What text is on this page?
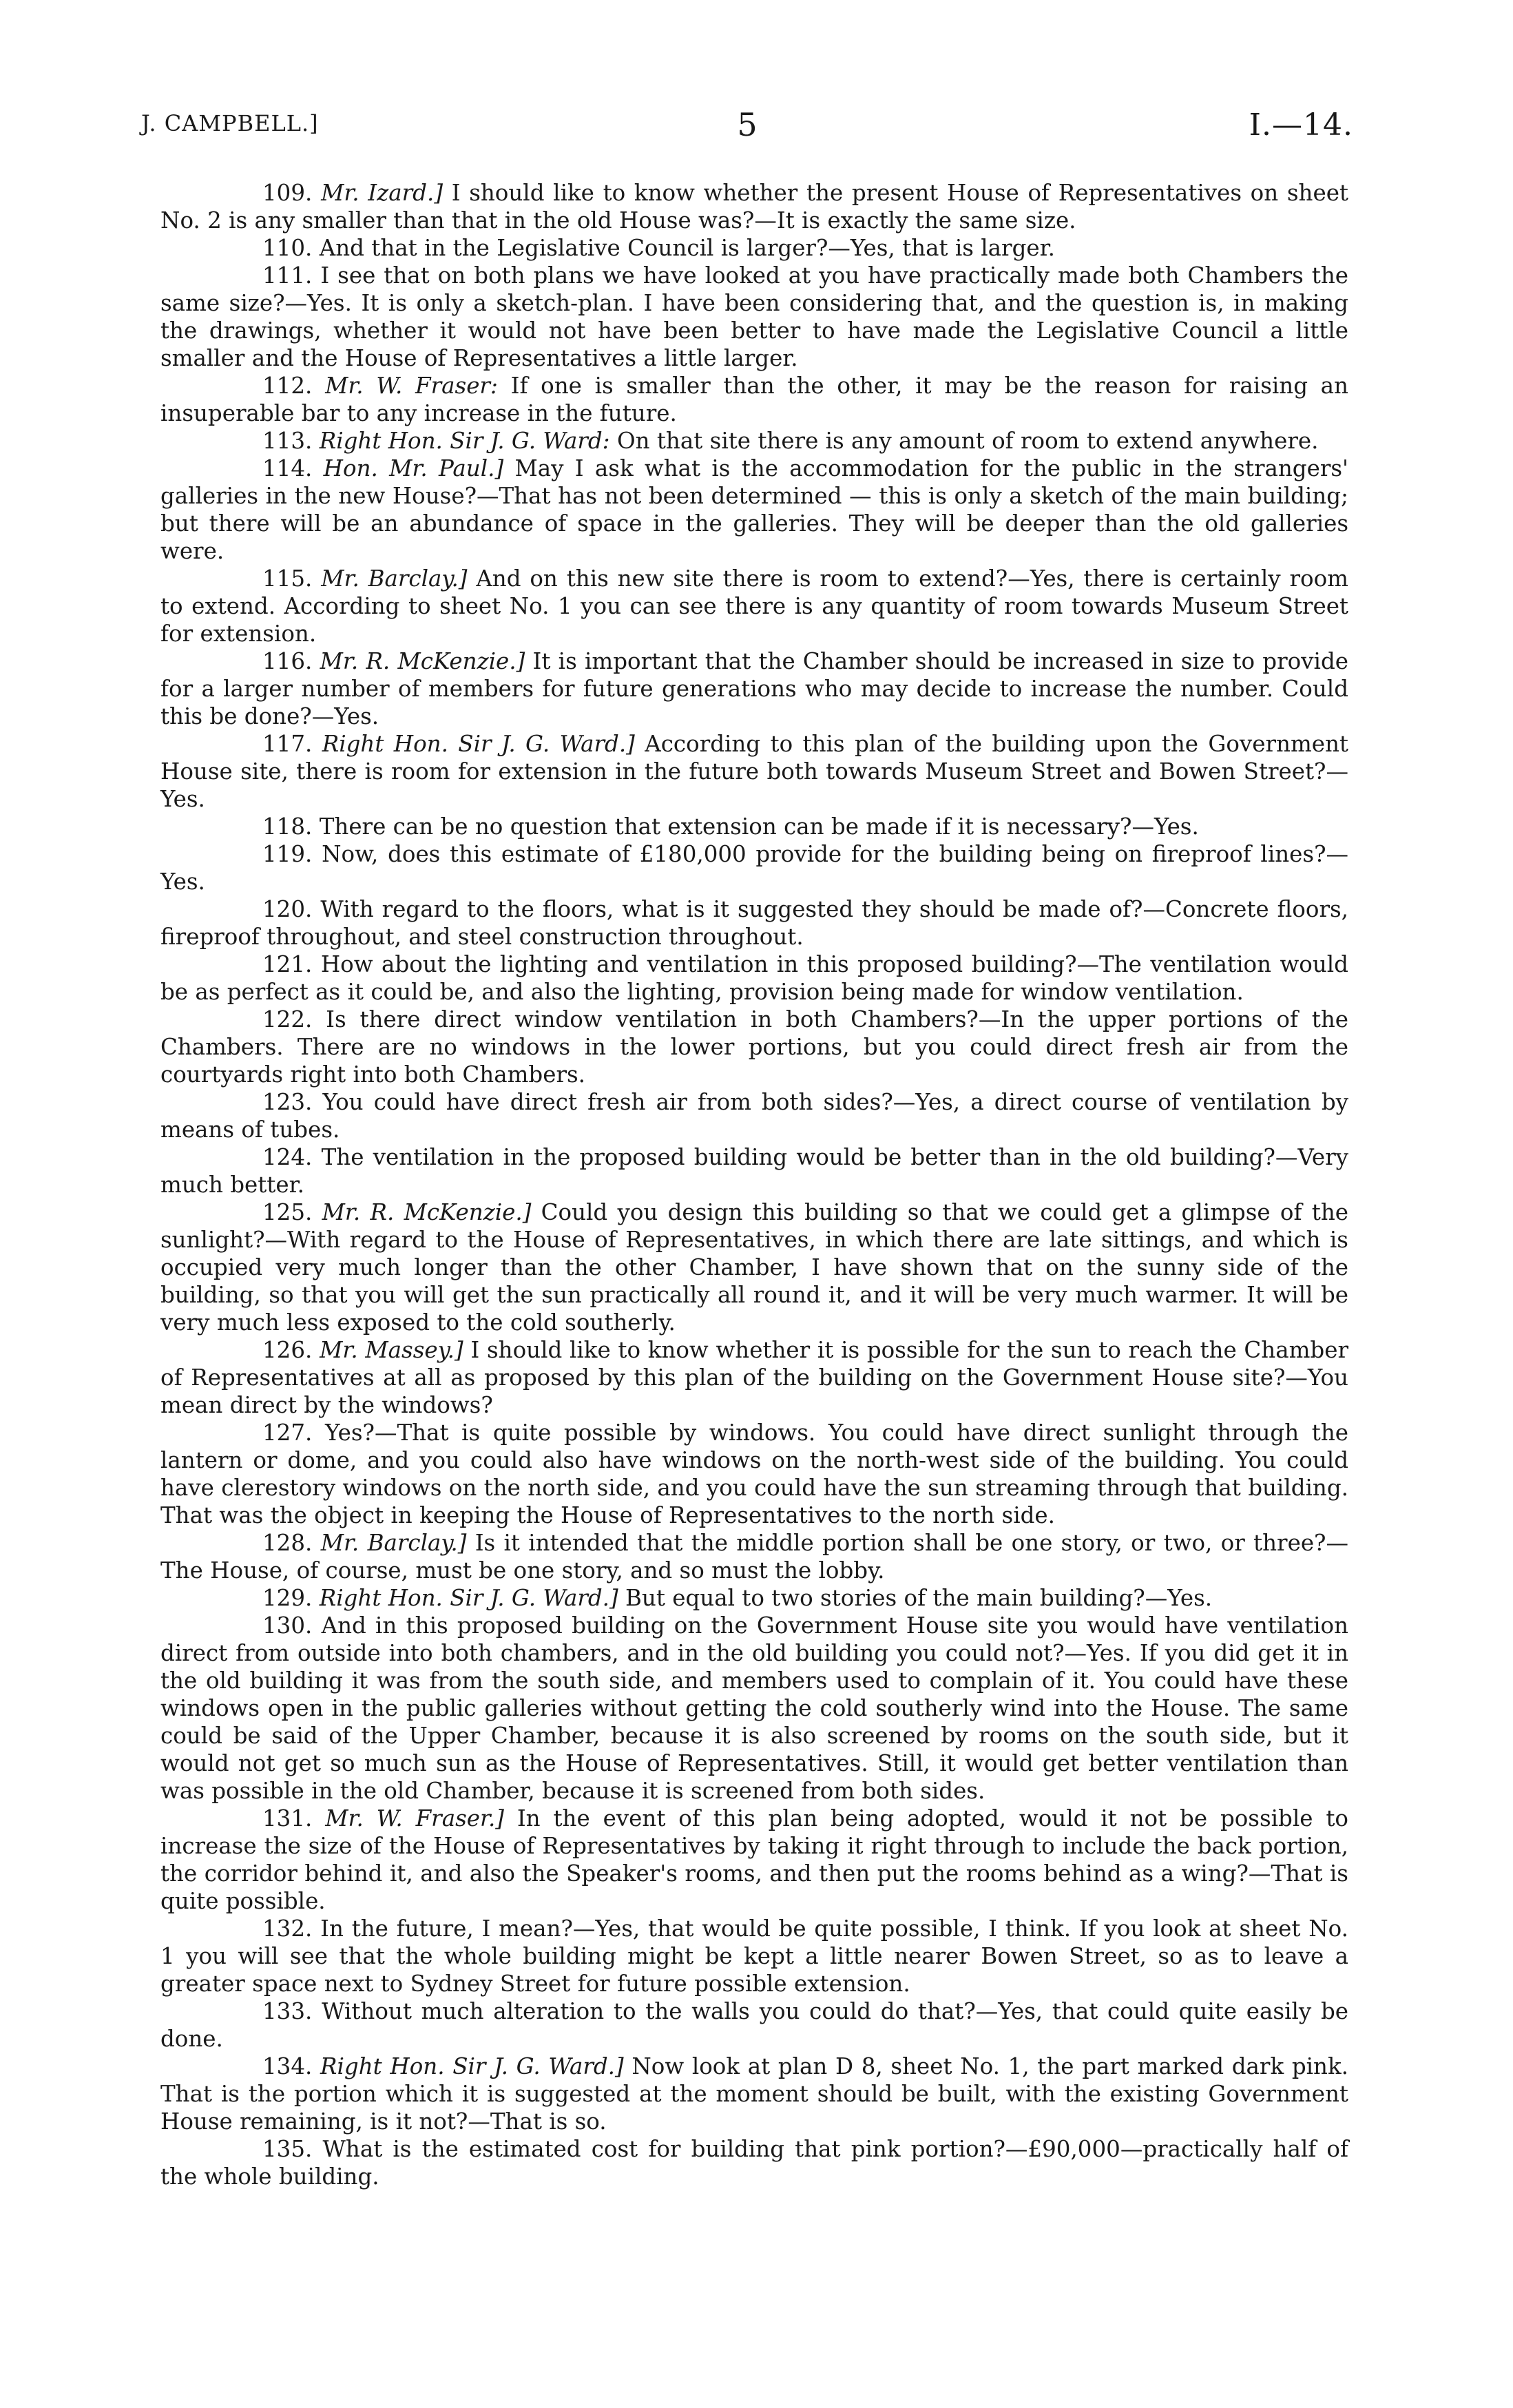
J. CAMPBELL.]	5	I.—14.

109. Mr. Izard.] I should like to know whether the present House of Representatives on sheet No. 2 is any smaller than that in the old House was?—It is exactly the same size.

110. And that in the Legislative Council is larger?—Yes, that is larger.

111. I see that on both plans we have looked at you have practically made both Chambers the same size?—Yes. It is only a sketch-plan. I have been considering that, and the question is, in making the drawings, whether it would not have been better to have made the Legislative Council a little smaller and the House of Representatives a little larger.

112. Mr. W. Fraser: If one is smaller than the other, it may be the reason for raising an insuperable bar to any increase in the future.

113. Right Hon. Sir J. G. Ward: On that site there is any amount of room to extend anywhere.

114. Hon. Mr. Paul.] May I ask what is the accommodation for the public in the strangers' galleries in the new House?—That has not been determined — this is only a sketch of the main building; but there will be an abundance of space in the galleries. They will be deeper than the old galleries were.

115. Mr. Barclay.] And on this new site there is room to extend?—Yes, there is certainly room to extend. According to sheet No. 1 you can see there is any quantity of room towards Museum Street for extension.

116. Mr. R. McKenzie.] It is important that the Chamber should be increased in size to provide for a larger number of members for future generations who may decide to increase the number. Could this be done?—Yes.

117. Right Hon. Sir J. G. Ward.] According to this plan of the building upon the Government House site, there is room for extension in the future both towards Museum Street and Bowen Street?—Yes.

118. There can be no question that extension can be made if it is necessary?—Yes.

119. Now, does this estimate of £180,000 provide for the building being on fireproof lines?—Yes.

120. With regard to the floors, what is it suggested they should be made of?—Concrete floors, fireproof throughout, and steel construction throughout.

121. How about the lighting and ventilation in this proposed building?—The ventilation would be as perfect as it could be, and also the lighting, provision being made for window ventilation.

122. Is there direct window ventilation in both Chambers?—In the upper portions of the Chambers. There are no windows in the lower portions, but you could direct fresh air from the courtyards right into both Chambers.

123. You could have direct fresh air from both sides?—Yes, a direct course of ventilation by means of tubes.

124. The ventilation in the proposed building would be better than in the old building?—Very much better.

125. Mr. R. McKenzie.] Could you design this building so that we could get a glimpse of the sunlight?—With regard to the House of Representatives, in which there are late sittings, and which is occupied very much longer than the other Chamber, I have shown that on the sunny side of the building, so that you will get the sun practically all round it, and it will be very much warmer. It will be very much less exposed to the cold southerly.

126. Mr. Massey.] I should like to know whether it is possible for the sun to reach the Chamber of Representatives at all as proposed by this plan of the building on the Government House site?—You mean direct by the windows?

127. Yes?—That is quite possible by windows. You could have direct sunlight through the lantern or dome, and you could also have windows on the north-west side of the building. You could have clerestory windows on the north side, and you could have the sun streaming through that building. That was the object in keeping the House of Representatives to the north side.

128. Mr. Barclay.] Is it intended that the middle portion shall be one story, or two, or three?—The House, of course, must be one story, and so must the lobby.

129. Right Hon. Sir J. G. Ward.] But equal to two stories of the main building?—Yes.

130. And in this proposed building on the Government House site you would have ventilation direct from outside into both chambers, and in the old building you could not?—Yes. If you did get it in the old building it was from the south side, and members used to complain of it. You could have these windows open in the public galleries without getting the cold southerly wind into the House. The same could be said of the Upper Chamber, because it is also screened by rooms on the south side, but it would not get so much sun as the House of Representatives. Still, it would get better ventilation than was possible in the old Chamber, because it is screened from both sides.

131. Mr. W. Fraser.] In the event of this plan being adopted, would it not be possible to increase the size of the House of Representatives by taking it right through to include the back portion, the corridor behind it, and also the Speaker's rooms, and then put the rooms behind as a wing?—That is quite possible.

132. In the future, I mean?—Yes, that would be quite possible, I think. If you look at sheet No. 1 you will see that the whole building might be kept a little nearer Bowen Street, so as to leave a greater space next to Sydney Street for future possible extension.

133. Without much alteration to the walls you could do that?—Yes, that could quite easily be done.

134. Right Hon. Sir J. G. Ward.] Now look at plan D 8, sheet No. 1, the part marked dark pink. That is the portion which it is suggested at the moment should be built, with the existing Government House remaining, is it not?—That is so.

135. What is the estimated cost for building that pink portion?—£90,000—practically half of the whole building.
